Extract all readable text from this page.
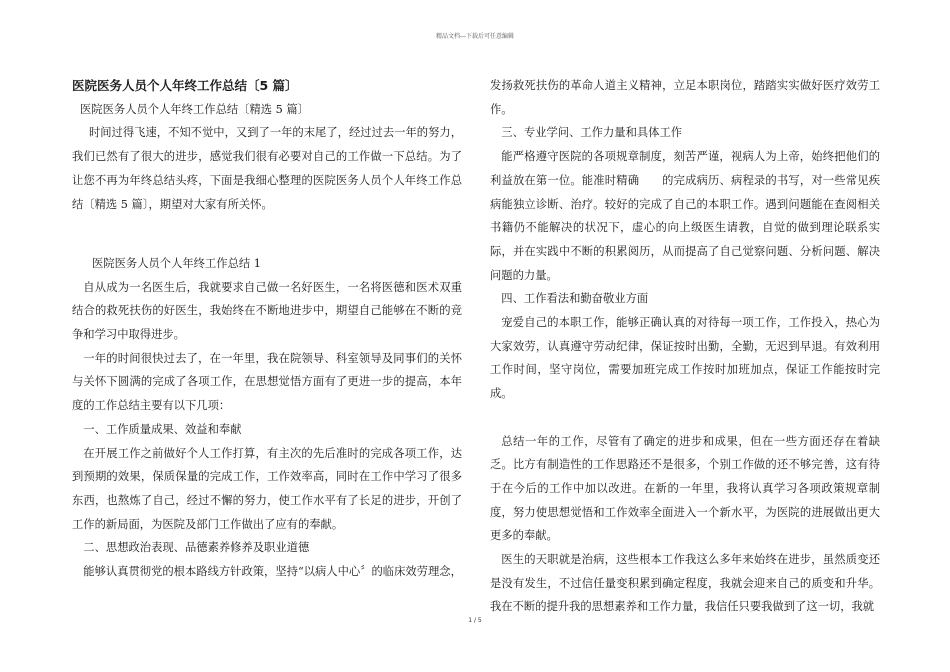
精品文档---下载后可任意编辑
医院医务人员个人年终工作总结〔5 篇〕

医院医务人员个人年终工作总结〔精选 5 篇〕

时间过得飞速，不知不觉中，又到了一年的末尾了，经过过去一年的努力，我们已然有了很大的进步，感觉我们很有必要对自己的工作做一下总结。为了让您不再为年终总结头疼，下面是我细心整理的医院医务人员个人年终工作总结〔精选 5 篇〕，期望对大家有所关怀。

医院医务人员个人年终工作总结 1

自从成为一名医生后，我就要求自己做一名好医生，一名将医德和医术双重结合的救死扶伤的好医生，我始终在不断地进步中，期望自己能够在不断的竞争和学习中取得进步。

一年的时间很快过去了，在一年里，我在院领导、科室领导及同事们的关怀与关怀下圆满的完成了各项工作，在思想觉悟方面有了更进一步的提高，本年度的工作总结主要有以下几项：

一、工作质量成果、效益和奉献

在开展工作之前做好个人工作打算，有主次的先后准时的完成各项工作，达到预期的效果，保质保量的完成工作，工作效率高，同时在工作中学习了很多东西，也熬炼了自己，经过不懈的努力，使工作水平有了长足的进步，开创了工作的新局面，为医院及部门工作做出了应有的奉献。

二、思想政治表现、品德素养修养及职业道德

能够认真贯彻党的根本路线方针政策，坚持“以病人中心〞的临床效劳理念，

发扬救死扶伤的革命人道主义精神，立足本职岗位，踏踏实实做好医疗效劳工作。

三、专业学问、工作力量和具体工作

能严格遵守医院的各项规章制度，刻苦严谨，视病人为上帝，始终把他们的利益放在第一位。能准时精确　　的完成病历、病程录的书写，对一些常见疾病能独立诊断、治疗。较好的完成了自己的本职工作。遇到问题能在查阅相关书籍仍不能解决的状况下，虚心的向上级医生请教，自觉的做到理论联系实际，并在实践中不断的积累阅历，从而提高了自己觉察问题、分析问题、解决问题的力量。

四、工作看法和勤奋敬业方面

宠爱自己的本职工作，能够正确认真的对待每一项工作，工作投入，热心为大家效劳，认真遵守劳动纪律，保证按时出勤，全勤，无迟到早退。有效利用工作时间，坚守岗位，需要加班完成工作按时加班加点，保证工作能按时完成。

总结一年的工作，尽管有了确定的进步和成果，但在一些方面还存在着缺乏。比方有制造性的工作思路还不是很多，个别工作做的还不够完善，这有待于在今后的工作中加以改进。在新的一年里，我将认真学习各项政策规章制度，努力使思想觉悟和工作效率全面进入一个新水平，为医院的进展做出更大更多的奉献。

医生的天职就是治病，这些根本工作我这么多年来始终在进步，虽然质变还是没有发生，不过信任量变积累到确定程度，我就会迎来自己的质变和升华。我在不断的提升我的思想素养和工作力量，我信任只要我做到了这一切，我就

1 / 5
